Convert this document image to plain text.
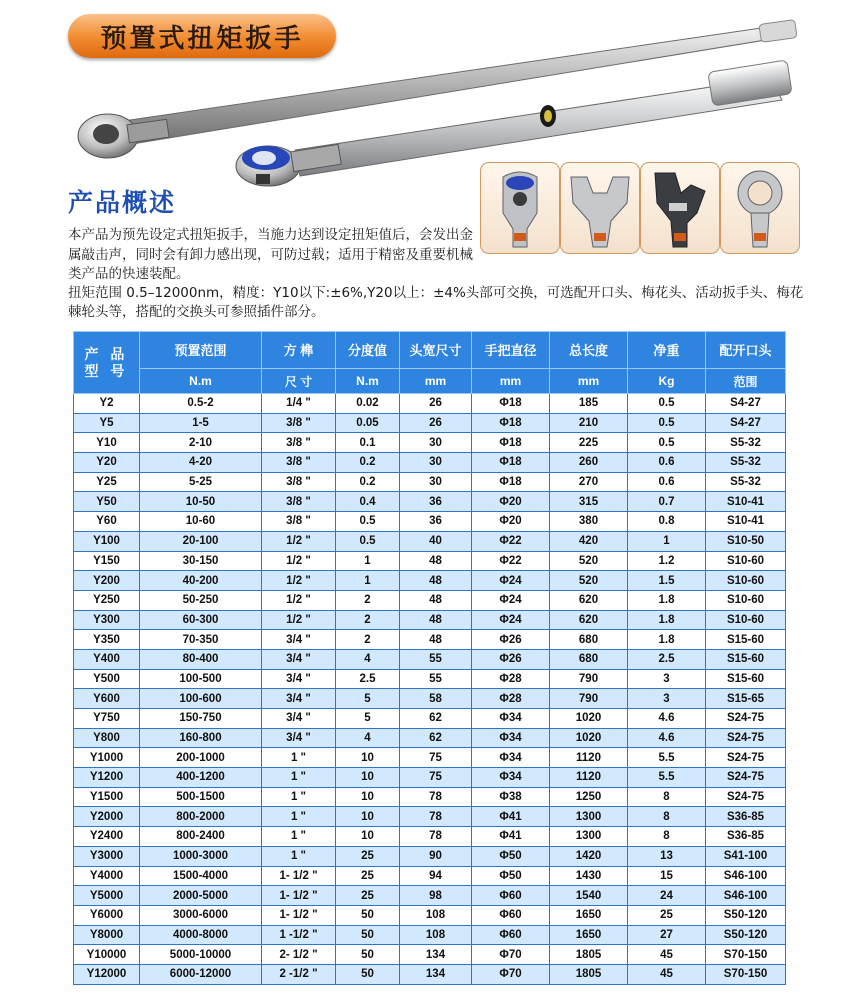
预置式扭矩扳手
产品概述
本产品为预先设定式扭矩扳手，当施力达到设定扭矩值后，会发出金属敲击声，同时会有卸力感出现，可防过载；适用于精密及重要机械类产品的快速装配。
扭矩范围 0.5–12000nm，精度：Y10以下:±6%,Y20以上：±4%头部可交换，可选配开口头、梅花头、活动扳手头、梅花棘轮头等，搭配的交换头可参照插件部分。
产 品 型 号	预置范围	方 榫	分度值	头宽尺寸	手把直径	总长度	净重	配开口头
	N.m	尺 寸	N.m	mm	mm	mm	Kg	范围
Y2	0.5-2	1/4 "	0.02	26	Φ18	185	0.5	S4-27
Y5	1-5	3/8 "	0.05	26	Φ18	210	0.5	S4-27
Y10	2-10	3/8 "	0.1	30	Φ18	225	0.5	S5-32
Y20	4-20	3/8 "	0.2	30	Φ18	260	0.6	S5-32
Y25	5-25	3/8 "	0.2	30	Φ18	270	0.6	S5-32
Y50	10-50	3/8 "	0.4	36	Φ20	315	0.7	S10-41
Y60	10-60	3/8 "	0.5	36	Φ20	380	0.8	S10-41
Y100	20-100	1/2 "	0.5	40	Φ22	420	1	S10-50
Y150	30-150	1/2 "	1	48	Φ22	520	1.2	S10-60
Y200	40-200	1/2 "	1	48	Φ24	520	1.5	S10-60
Y250	50-250	1/2 "	2	48	Φ24	620	1.8	S10-60
Y300	60-300	1/2 "	2	48	Φ24	620	1.8	S10-60
Y350	70-350	3/4 "	2	48	Φ26	680	1.8	S15-60
Y400	80-400	3/4 "	4	55	Φ26	680	2.5	S15-60
Y500	100-500	3/4 "	2.5	55	Φ28	790	3	S15-60
Y600	100-600	3/4 "	5	58	Φ28	790	3	S15-65
Y750	150-750	3/4 "	5	62	Φ34	1020	4.6	S24-75
Y800	160-800	3/4 "	4	62	Φ34	1020	4.6	S24-75
Y1000	200-1000	1 "	10	75	Φ34	1120	5.5	S24-75
Y1200	400-1200	1 "	10	75	Φ34	1120	5.5	S24-75
Y1500	500-1500	1 "	10	78	Φ38	1250	8	S24-75
Y2000	800-2000	1 "	10	78	Φ41	1300	8	S36-85
Y2400	800-2400	1 "	10	78	Φ41	1300	8	S36-85
Y3000	1000-3000	1 "	25	90	Φ50	1420	13	S41-100
Y4000	1500-4000	1- 1/2 "	25	94	Φ50	1430	15	S46-100
Y5000	2000-5000	1- 1/2 "	25	98	Φ60	1540	24	S46-100
Y6000	3000-6000	1- 1/2 "	50	108	Φ60	1650	25	S50-120
Y8000	4000-8000	1 -1/2 "	50	108	Φ60	1650	27	S50-120
Y10000	5000-10000	2- 1/2 "	50	134	Φ70	1805	45	S70-150
Y12000	6000-12000	2 -1/2 "	50	134	Φ70	1805	45	S70-150
